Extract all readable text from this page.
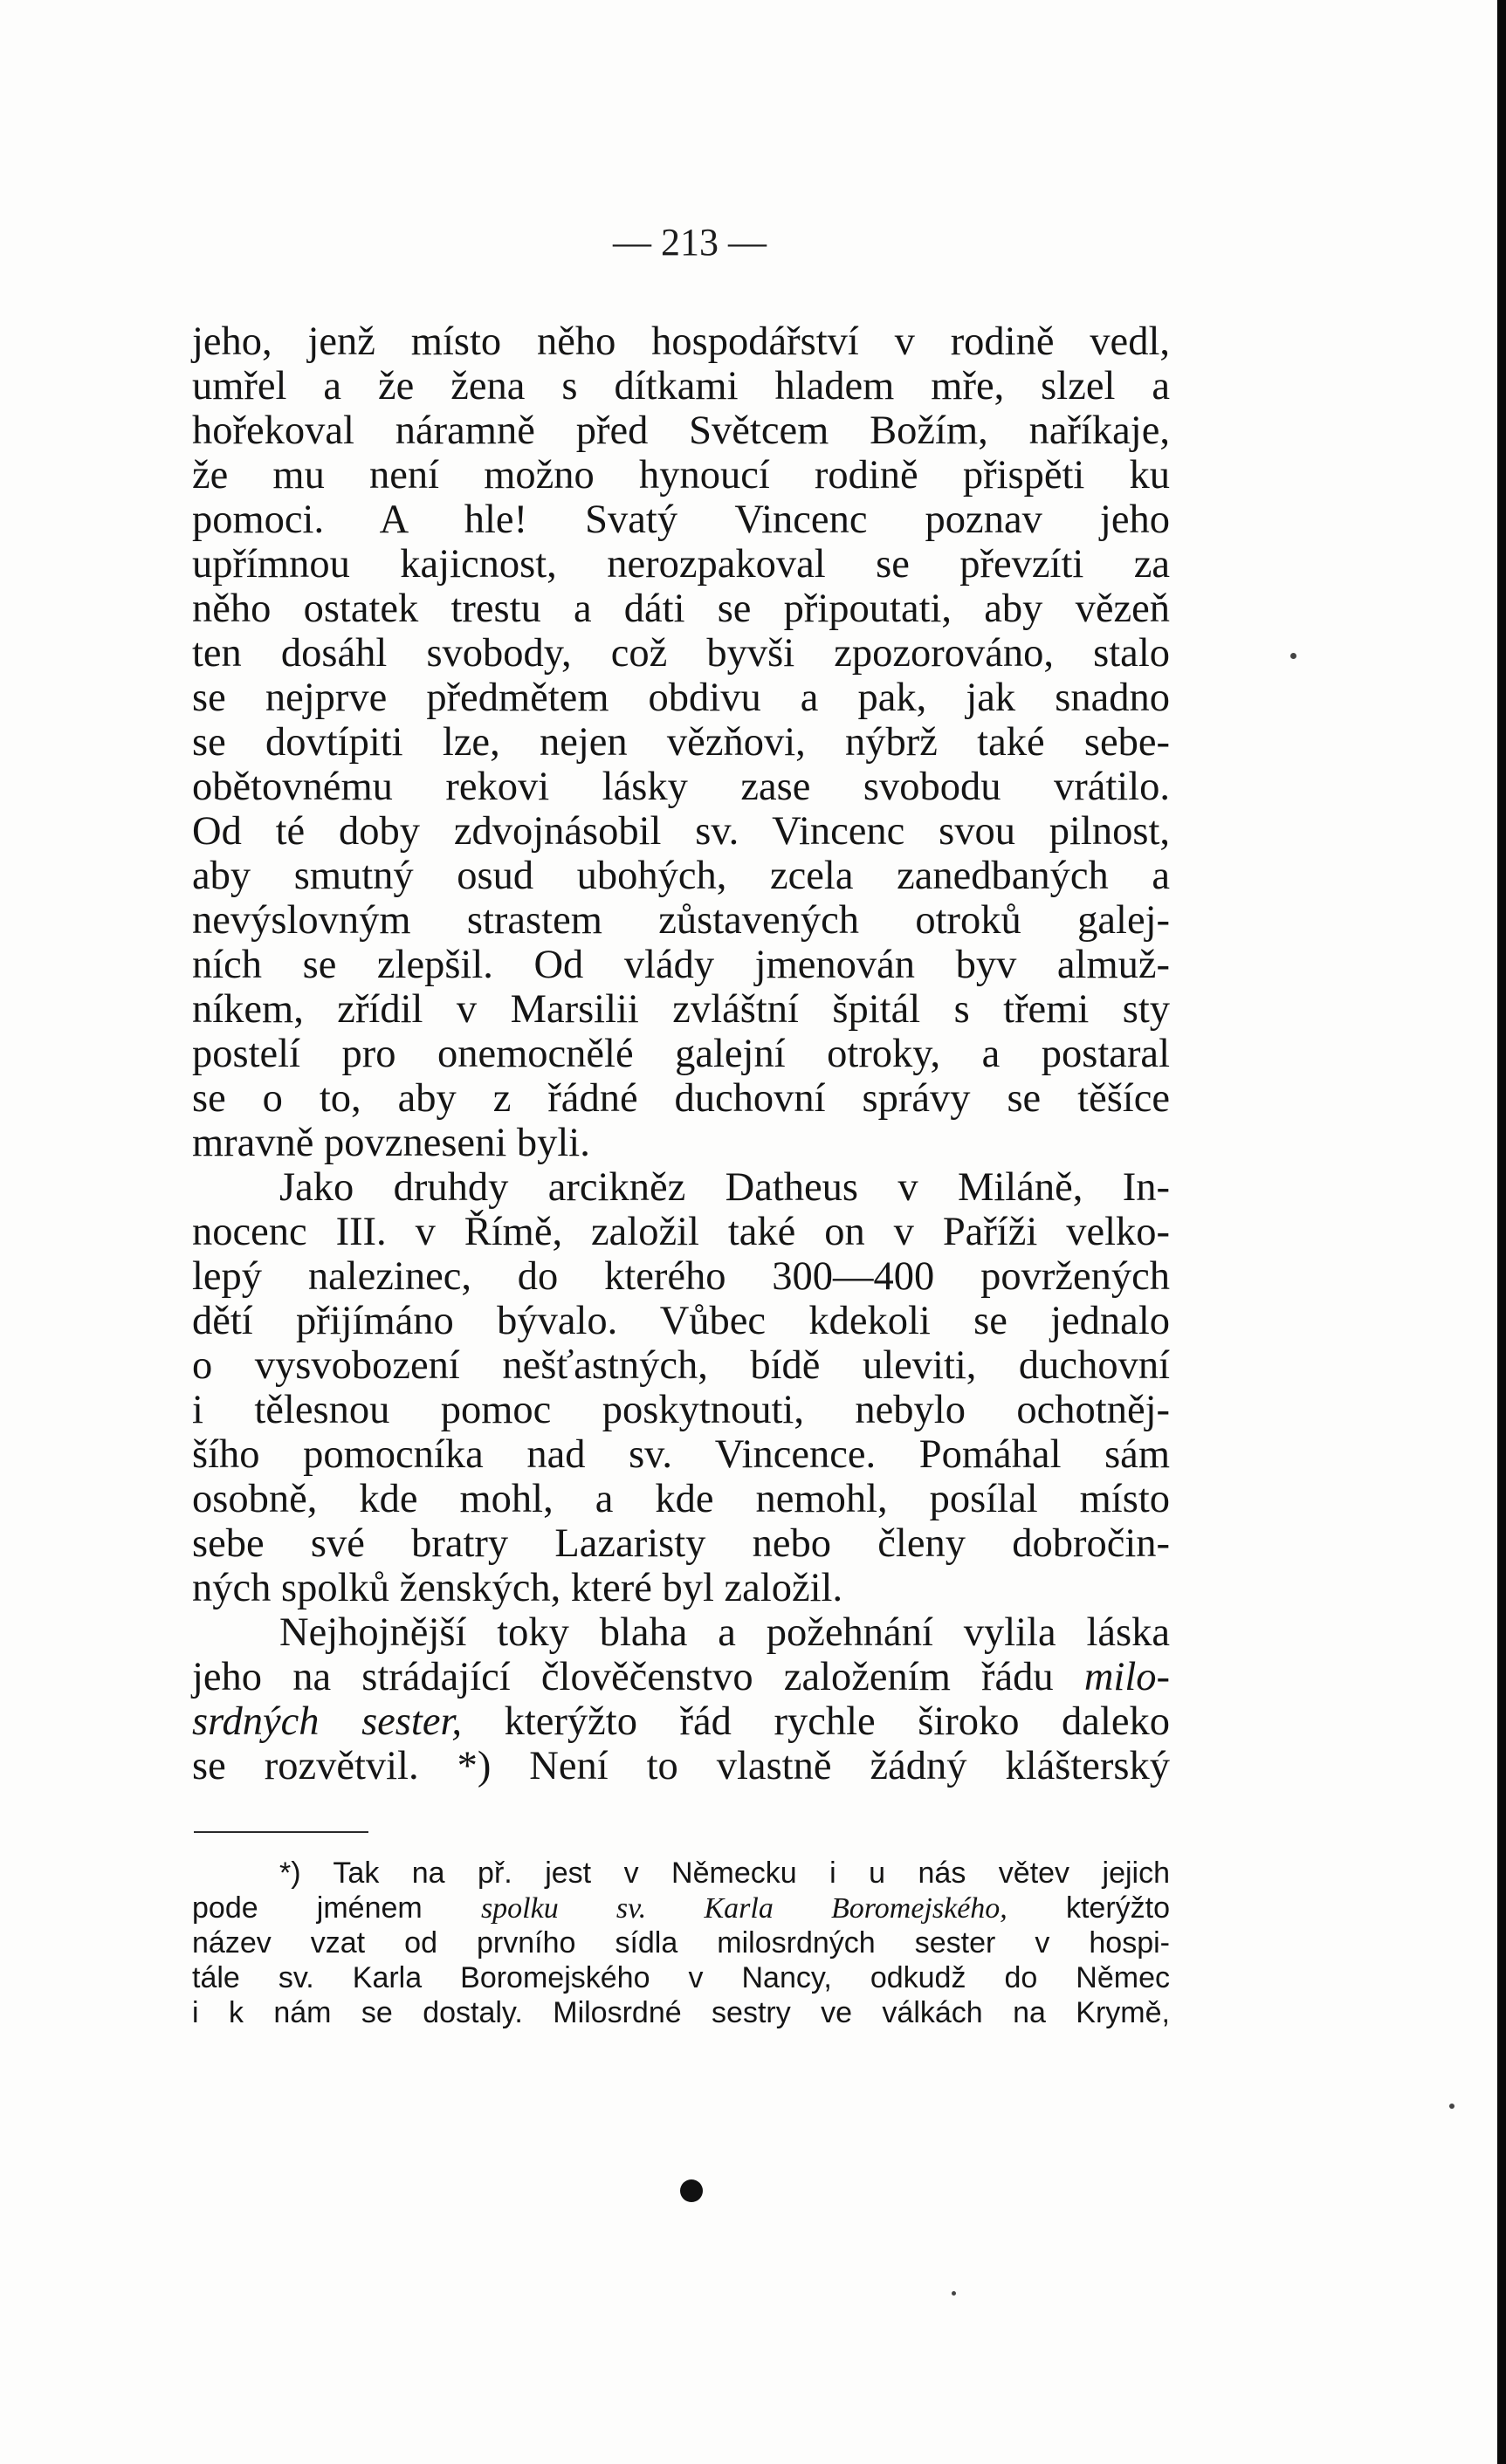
— 213 —
jeho, jenž místo něho hospodářství v rodině vedl,
umřel a že žena s dítkami hladem mře, slzel a
hořekoval náramně před Světcem Božím, naříkaje,
že mu není možno hynoucí rodině přispěti ku
pomoci. A hle! Svatý Vincenc poznav jeho
upřímnou kajicnost, nerozpakoval se převzíti za
něho ostatek trestu a dáti se připoutati, aby vězeň
ten dosáhl svobody, což byvši zpozorováno, stalo
se nejprve předmětem obdivu a pak, jak snadno
se dovtípiti lze, nejen vězňovi, nýbrž také sebe-
obětovnému rekovi lásky zase svobodu vrátilo.
Od té doby zdvojnásobil sv. Vincenc svou pilnost,
aby smutný osud ubohých, zcela zanedbaných a
nevýslovným strastem zůstavených otroků galej-
ních se zlepšil. Od vlády jmenován byv almuž-
níkem, zřídil v Marsilii zvláštní špitál s třemi sty
postelí pro onemocnělé galejní otroky, a postaral
se o to, aby z řádné duchovní správy se těšíce
mravně povzneseni byli.
Jako druhdy arcikněz Datheus v Miláně, In-
nocenc III. v Římě, založil také on v Paříži velko-
lepý nalezinec, do kterého 300—400 povržených
dětí přijímáno bývalo. Vůbec kdekoli se jednalo
o vysvobození nešťastných, bídě uleviti, duchovní
i tělesnou pomoc poskytnouti, nebylo ochotněj-
šího pomocníka nad sv. Vincence. Pomáhal sám
osobně, kde mohl, a kde nemohl, posílal místo
sebe své bratry Lazaristy nebo členy dobročin-
ných spolků ženských, které byl založil.
Nejhojnější toky blaha a požehnání vylila láska
jeho na strádající člověčenstvo založením řádu milo-
srdných sester, kterýžto řád rychle široko daleko
se rozvětvil. *) Není to vlastně žádný klášterský
*) Tak na př. jest v Německu i u nás větev jejich
pode jménem spolku sv. Karla Boromejského, kterýžto
název vzat od prvního sídla milosrdných sester v hospi-
tále sv. Karla Boromejského v Nancy, odkudž do Němec
i k nám se dostaly. Milosrdné sestry ve válkách na Krymě,
